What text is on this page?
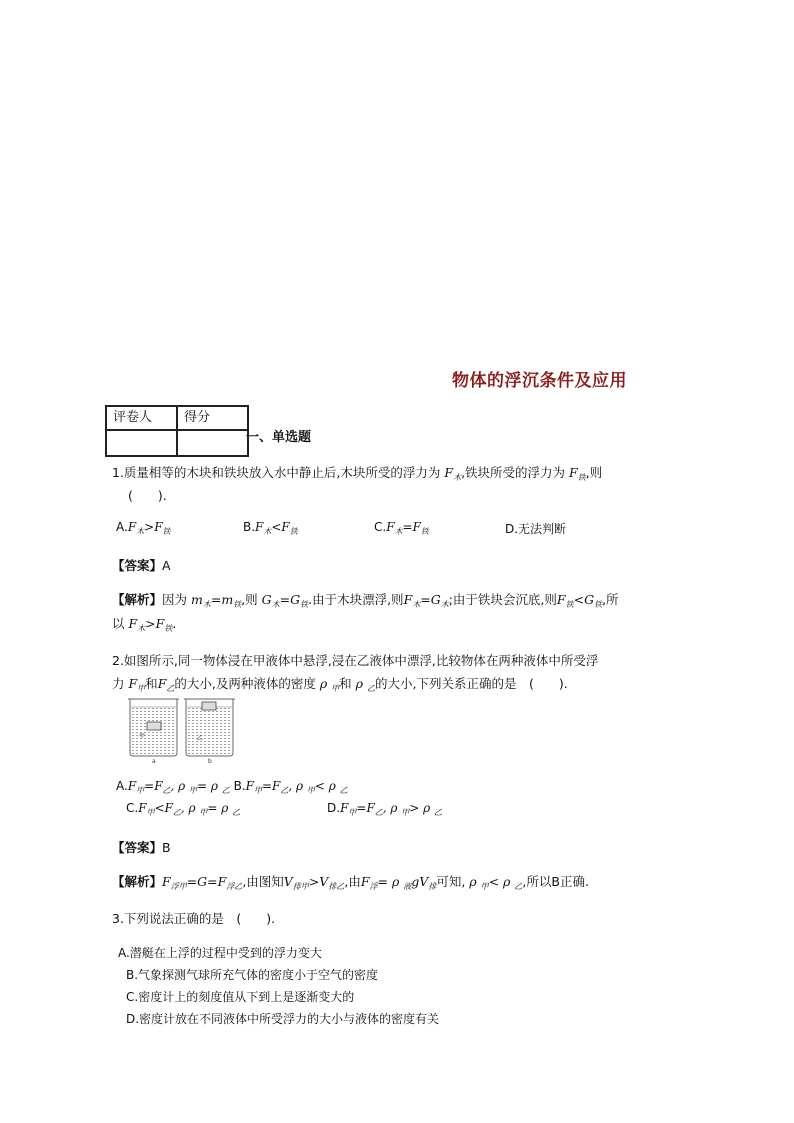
物体的浮沉条件及应用
评卷人	得分

一、单选题
1.质量相等的木块和铁块放入水中静止后,木块所受的浮力为 $F_木$,铁块所受的浮力为 $F_铁$,则
(　　).
$A.F_木>F_铁$	$B.F_木<F_铁$	$C.F_木=F_铁$	D.无法判断
【答案】A
【解析】因为 $m_木=m_铁$,则 $G_木=G_铁$.由于木块漂浮,则$F_木=G_木$;由于铁块会沉底,则$F_铁<G_铁$,所
以 $F_木>F_铁$.
2.如图所示,同一物体浸在甲液体中悬浮,浸在乙液体中漂浮,比较物体在两种液体中所受浮
力 $F_甲$和$F_乙$的大小,及两种液体的密度 ρ $_甲$和 ρ $_乙$的大小,下列关系正确的是　(　　).
甲
a
乙
b
$A.F_甲=F_乙$, ρ $_甲$= ρ $_乙$ $B.F_甲=F_乙$, ρ $_甲$< ρ $_乙$
$C.F_甲<F_乙$, ρ $_甲$= ρ $_乙$	$D.F_甲=F_乙$, ρ $_甲$> ρ $_乙$
【答案】B
【解析】$F_{浮甲}=G=F_{浮乙}$,由图知$V_{排甲}>V_{排乙}$,由$F_浮= \rho$ $_液gV_排$可知, ρ $_甲$< ρ $_乙$,所以B正确.
3.下列说法正确的是　(　　).
A.潜艇在上浮的过程中受到的浮力变大
B.气象探测气球所充气体的密度小于空气的密度
C.密度计上的刻度值从下到上是逐渐变大的
D.密度计放在不同液体中所受浮力的大小与液体的密度有关
